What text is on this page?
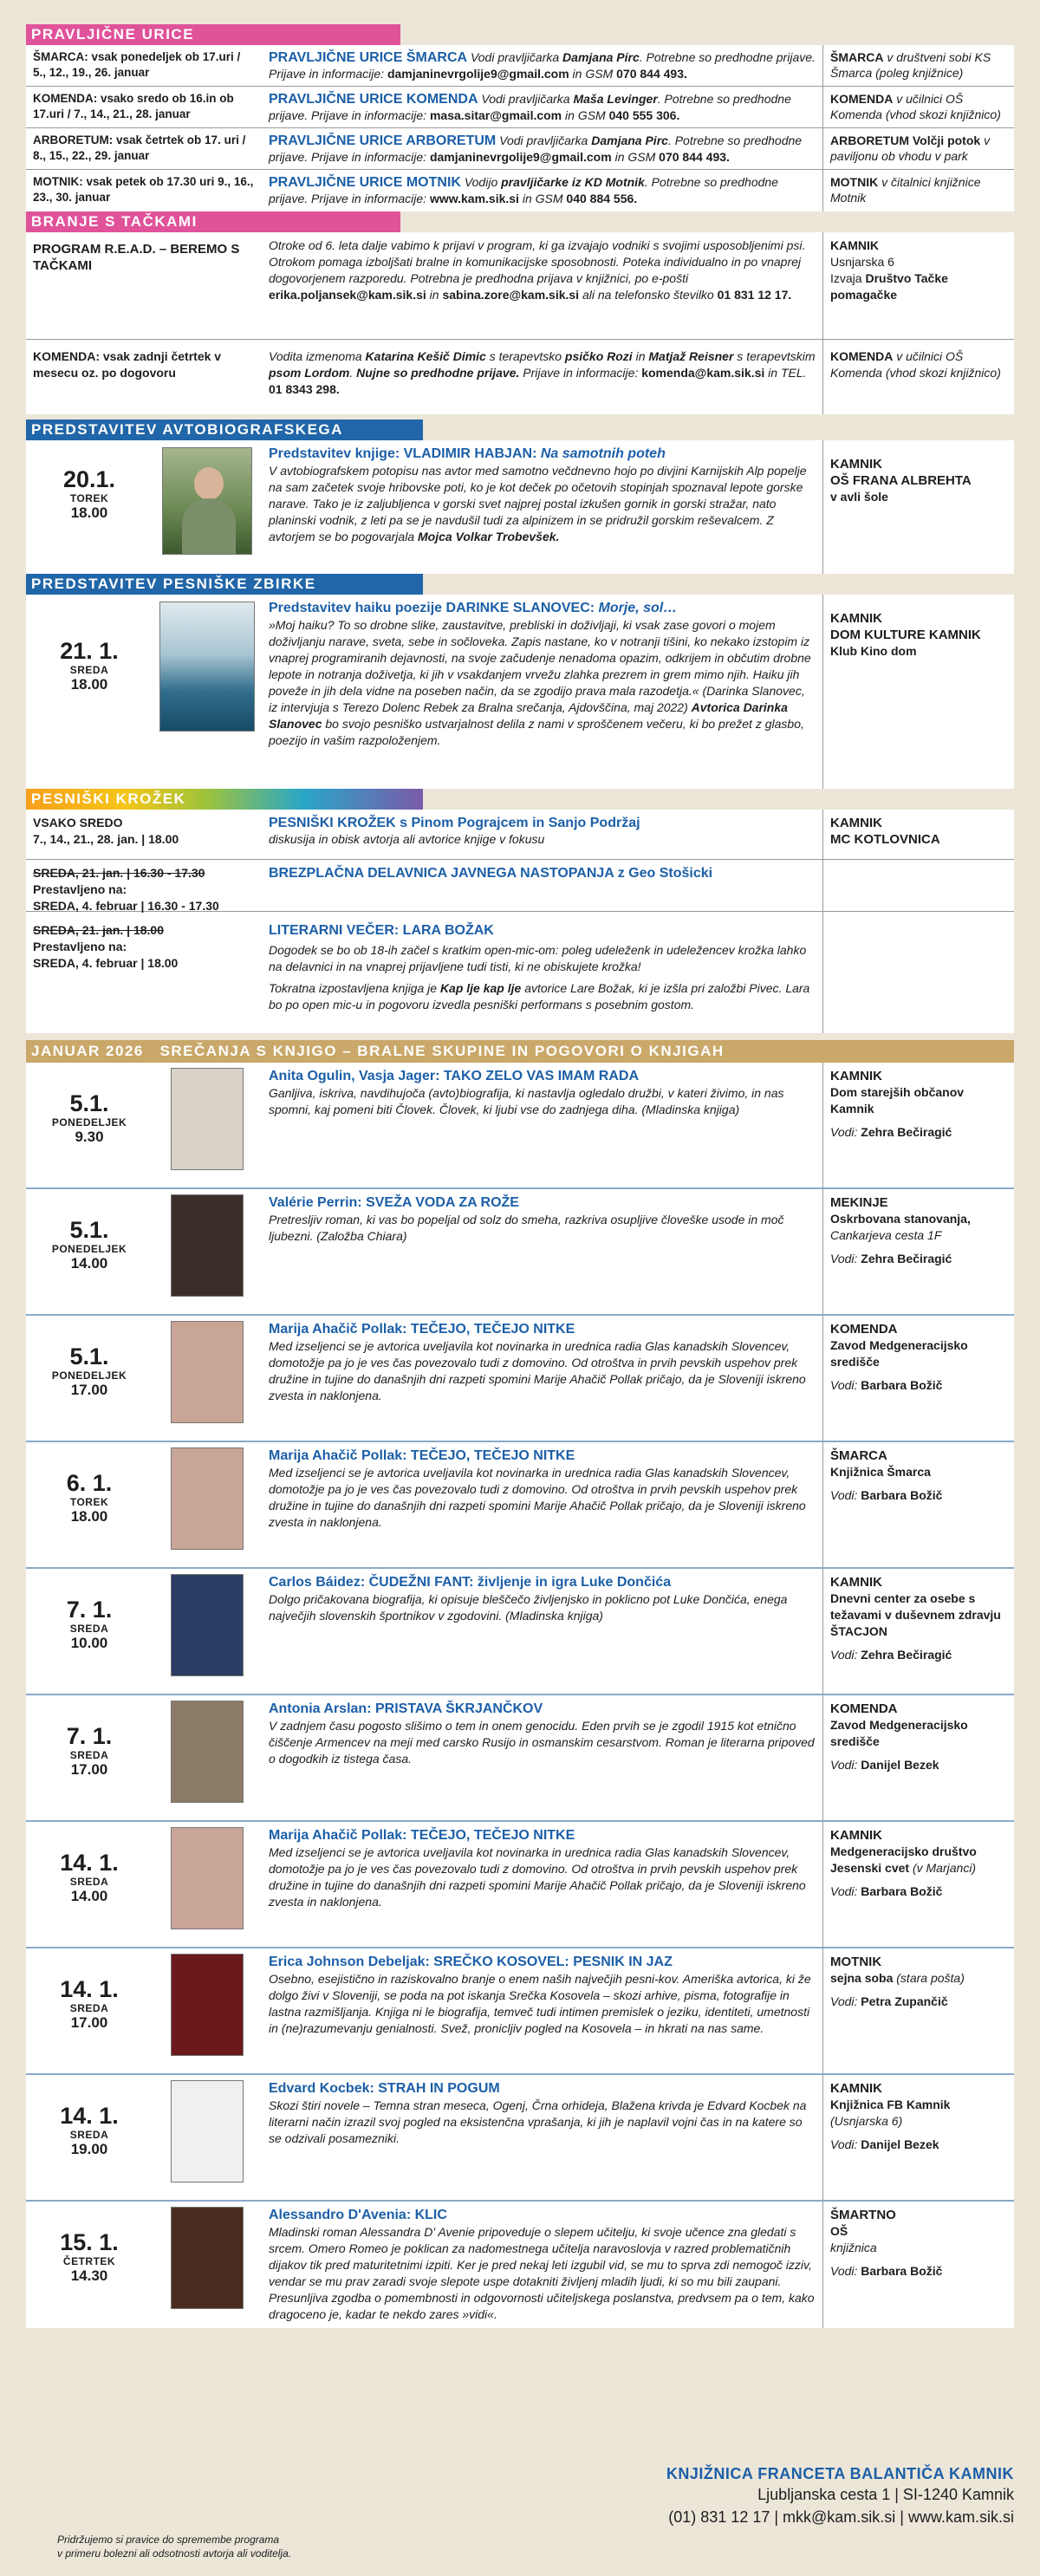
PRAVLJIČNE URICE
ŠMARCA: vsak ponedeljek ob 17.uri / 5., 12., 19., 26. januar
PRAVLJIČNE URICE ŠMARCA Vodi pravljičarka Damjana Pirc. Potrebne so predhodne prijave. Prijave in informacije: damjaninevrgolije9@gmail.com in GSM 070 844 493.
ŠMARCA v društveni sobi KS Šmarca (poleg knjižnice)
KOMENDA: vsako sredo ob 16.in ob 17.uri / 7., 14., 21., 28. januar
PRAVLJIČNE URICE KOMENDA Vodi pravljičarka Maša Levinger. Potrebne so predhodne prijave. Prijave in informacije: masa.sitar@gmail.com in GSM 040 555 306.
KOMENDA v učilnici OŠ Komenda (vhod skozi knjižnico)
ARBORETUM: vsak četrtek ob 17. uri / 8., 15., 22., 29. januar
PRAVLJIČNE URICE ARBORETUM Vodi pravljičarka Damjana Pirc. Potrebne so predhodne prijave. Prijave in informacije: damjaninevrgolije9@gmail.com in GSM 070 844 493.
ARBORETUM Volčji potok v paviljonu ob vhodu v park
MOTNIK: vsak petek ob 17.30 uri 9., 16., 23., 30. januar
PRAVLJIČNE URICE MOTNIK Vodijo pravljičarke iz KD Motnik. Potrebne so predhodne prijave. Prijave in informacije: www.kam.sik.si in GSM 040 884 556.
MOTNIK v čitalnici knjižnice Motnik
BRANJE S TAČKAMI
PROGRAM R.E.A.D. – BEREMO S TAČKAMI
Otroke od 6. leta dalje vabimo k prijavi v program, ki ga izvajajo vodniki s svojimi usposobljenimi psi. Otrokom pomaga izboljšati bralne in komunikacijske sposobnosti. Poteka individualno in po vnaprej dogovorjenem razporedu. Potrebna je predhodna prijava v knjižnici, po e-pošti erika.poljansek@kam.sik.si in sabina.zore@kam.sik.si ali na telefonsko številko 01 831 12 17.
KAMNIK
Usnjarska 6
Izvaja Društvo Tačke pomagačke
KOMENDA: vsak zadnji četrtek v mesecu oz. po dogovoru
Vodita izmenoma Katarina Kešič Dimic s terapevtsko psičko Rozi in Matjaž Reisner s terapevtskim psom Lordom. Nujne so predhodne prijave. Prijave in informacije: komenda@kam.sik.si in TEL. 01 8343 298.
KOMENDA v učilnici OŠ Komenda (vhod skozi knjižnico)
PREDSTAVITEV AVTOBIOGRAFSKEGA POTOPISA
20.1.
TOREK
18.00
Predstavitev knjige: VLADIMIR HABJAN: Na samotnih poteh
V avtobiografskem potopisu nas avtor med samotno večdnevno hojo po divjini Karnijskih Alp popelje na sam začetek svoje hribovske poti, ko je kot deček po očetovih stopinjah spoznaval lepote gorske narave. Tako je iz zaljubljenca v gorski svet najprej postal izkušen gornik in gorski stražar, nato planinski vodnik, z leti pa se je navdušil tudi za alpinizem in se pridružil gorskim reševalcem. Z avtorjem se bo pogovarjala Mojca Volkar Trobevšek.
KAMNIK
OŠ FRANA ALBREHTA
v avli šole
PREDSTAVITEV PESNIŠKE ZBIRKE
21. 1.
SREDA
18.00
Predstavitev haiku poezije DARINKE SLANOVEC: Morje, sol…
»Moj haiku? To so drobne slike, zaustavitve, prebliski in doživljaji, ki vsak zase govori o mojem doživljanju narave, sveta, sebe in sočloveka. Zapis nastane, ko v notranji tišini, ko nekako izstopim iz vnaprej programiranih dejavnosti, na svoje začudenje nenadoma opazim, odkrijem in občutim drobne lepote in notranja doživetja, ki jih v vsakdanjem vrvežu zlahka prezrem in grem mimo njih. Haiku jih poveže in jih dela vidne na poseben način, da se zgodijo prava mala razodetja.« (Darinka Slanovec, iz intervjuja s Terezo Dolenc Rebek za Bralna srečanja, Ajdovščina, maj 2022) Avtorica Darinka Slanovec bo svojo pesniško ustvarjalnost delila z nami v sproščenem večeru, ki bo prežet z glasbo, poezijo in vašim razpoloženjem.
KAMNIK
DOM KULTURE KAMNIK
Klub Kino dom
PESNIŠKI KROŽEK
VSAKO SREDO
7., 14., 21., 28. jan. | 18.00
PESNIŠKI KROŽEK s Pinom Pograjcem in Sanjo Podržaj
diskusija in obisk avtorja ali avtorice knjige v fokusu
KAMNIK
MC KOTLOVNICA
SREDA, 21. jan. | 16.30 - 17.30
Prestavljeno na:
SREDA, 4. februar | 16.30 - 17.30
BREZPLAČNA DELAVNICA JAVNEGA NASTOPANJA z Geo Stošicki
SREDA, 21. jan. | 18.00
Prestavljeno na:
SREDA, 4. februar | 18.00
LITERARNI VEČER: LARA BOŽAK
Dogodek se bo ob 18-ih začel s kratkim open-mic-om: poleg udeleženk in udeležencev krožka lahko na delavnici in na vnaprej prijavljene tudi tisti, ki ne obiskujete krožka!
Tokratna izpostavljena knjiga je Kap lje kap lje avtorice Lare Božak, ki je izšla pri založbi Pivec. Lara bo po open mic-u in pogovoru izvedla pesniški performans s posebnim gostom.
JANUAR 2026 SREČANJA S KNJIGO – BRALNE SKUPINE IN POGOVORI O KNJIGAH
5.1.
PONEDELJEK
9.30
Anita Ogulin, Vasja Jager: TAKO ZELO VAS IMAM RADA
Ganljiva, iskriva, navdihujoča (avto)biografija, ki nastavlja ogledalo družbi, v kateri živimo, in nas spomni, kaj pomeni biti Človek. Človek, ki ljubi vse do zadnjega diha. (Mladinska knjiga)
KAMNIK
Dom starejših občanov Kamnik
Vodi: Zehra Bečiragić
5.1.
PONEDELJEK
14.00
Valérie Perrin: SVEŽA VODA ZA ROŽE
Pretresljiv roman, ki vas bo popeljal od solz do smeha, razkriva osupljive človeške usode in moč ljubezni. (Založba Chiara)
MEKINJE
Oskrbovana stanovanja,
Cankarjeva cesta 1F
Vodi: Zehra Bečiragić
5.1.
PONEDELJEK
17.00
Marija Ahačič Pollak: TEČEJO, TEČEJO NITKE
Med izseljenci se je avtorica uveljavila kot novinarka in urednica radia Glas kanadskih Slovencev, domotožje pa jo je ves čas povezovalo tudi z domovino. Od otroštva in prvih pevskih uspehov prek družine in tujine do današnjih dni razpeti spomini Marije Ahačič Pollak pričajo, da je Sloveniji iskreno zvesta in naklonjena.
KOMENDA
Zavod Medgeneracijsko središče
Vodi: Barbara Božič
6. 1.
TOREK
18.00
Marija Ahačič Pollak: TEČEJO, TEČEJO NITKE
Med izseljenci se je avtorica uveljavila kot novinarka in urednica radia Glas kanadskih Slovencev, domotožje pa jo je ves čas povezovalo tudi z domovino. Od otroštva in prvih pevskih uspehov prek družine in tujine do današnjih dni razpeti spomini Marije Ahačič Pollak pričajo, da je Sloveniji iskreno zvesta in naklonjena.
ŠMARCA
Knjižnica Šmarca
Vodi: Barbara Božič
7. 1.
SREDA
10.00
Carlos Báidez: ČUDEŽNI FANT: življenje in igra Luke Dončića
Dolgo pričakovana biografija, ki opisuje bleščečo življenjsko in poklicno pot Luke Dončića, enega največjih slovenskih športnikov v zgodovini. (Mladinska knjiga)
KAMNIK
Dnevni center za osebe s težavami v duševnem zdravju ŠTACJON
Vodi: Zehra Bečiragić
7. 1.
SREDA
17.00
Antonia Arslan: PRISTAVA ŠKRJANČKOV
V zadnjem času pogosto slišimo o tem in onem genocidu. Eden prvih se je zgodil 1915 kot etnično čiščenje Armencev na meji med carsko Rusijo in osmanskim cesarstvom. Roman je literarna pripoved o dogodkih iz tistega časa.
KOMENDA
Zavod Medgeneracijsko središče
Vodi: Danijel Bezek
14. 1.
SREDA
14.00
Marija Ahačič Pollak: TEČEJO, TEČEJO NITKE
Med izseljenci se je avtorica uveljavila kot novinarka in urednica radia Glas kanadskih Slovencev, domotožje pa jo je ves čas povezovalo tudi z domovino. Od otroštva in prvih pevskih uspehov prek družine in tujine do današnjih dni razpeti spomini Marije Ahačič Pollak pričajo, da je Sloveniji iskreno zvesta in naklonjena.
KAMNIK
Medgeneracijsko društvo Jesenski cvet (v Marjanci)
Vodi: Barbara Božič
14. 1.
SREDA
17.00
Erica Johnson Debeljak: SREČKO KOSOVEL: PESNIK IN JAZ
Osebno, esejistično in raziskovalno branje o enem naših največjih pesni-kov. Ameriška avtorica, ki že dolgo živi v Sloveniji, se poda na pot iskanja Srečka Kosovela – skozi arhive, pisma, fotografije in lastna razmišljanja. Knjiga ni le biografija, temveč tudi intimen premislek o jeziku, identiteti, umetnosti in (ne)razumevanju genialnosti. Svež, pronicljiv pogled na Kosovela – in hkrati na nas same.
MOTNIK
sejna soba (stara pošta)
Vodi: Petra Zupančič
14. 1.
SREDA
19.00
Edvard Kocbek: STRAH IN POGUM
Skozi štiri novele – Temna stran meseca, Ogenj, Črna orhideja, Blažena krivda je Edvard Kocbek na literarni način izrazil svoj pogled na eksistenčna vprašanja, ki jih je naplavil vojni čas in na katere so se odzivali posamezniki.
KAMNIK
Knjižnica FB Kamnik
(Usnjarska 6)
Vodi: Danijel Bezek
15. 1.
ČETRTEK
14.30
Alessandro D'Avenia: KLIC
Mladinski roman Alessandra D' Avenie pripoveduje o slepem učitelju, ki svoje učence zna gledati s srcem. Omero Romeo je poklican za nadomestnega učitelja naravoslovja v razred problematičnih dijakov tik pred maturitetnimi izpiti. Ker je pred nekaj leti izgubil vid, se mu to sprva zdi nemogoč izziv, vendar se mu prav zaradi svoje slepote uspe dotakniti življenj mladih ljudi, ki so mu bili zaupani. Presunljiva zgodba o pomembnosti in odgovornosti učiteljskega poslanstva, predvsem pa o tem, kako dragoceno je, kadar te nekdo zares »vidi«.
ŠMARTNO
OŠ
knjižnica
Vodi: Barbara Božič
Pridržujemo si pravice do spremembe programa
v primeru bolezni ali odsotnosti avtorja ali voditelja.
KNJIŽNICA FRANCETA BALANTIČA KAMNIK
Ljubljanska cesta 1 | SI-1240 Kamnik
(01) 831 12 17 | mkk@kam.sik.si | www.kam.sik.si
